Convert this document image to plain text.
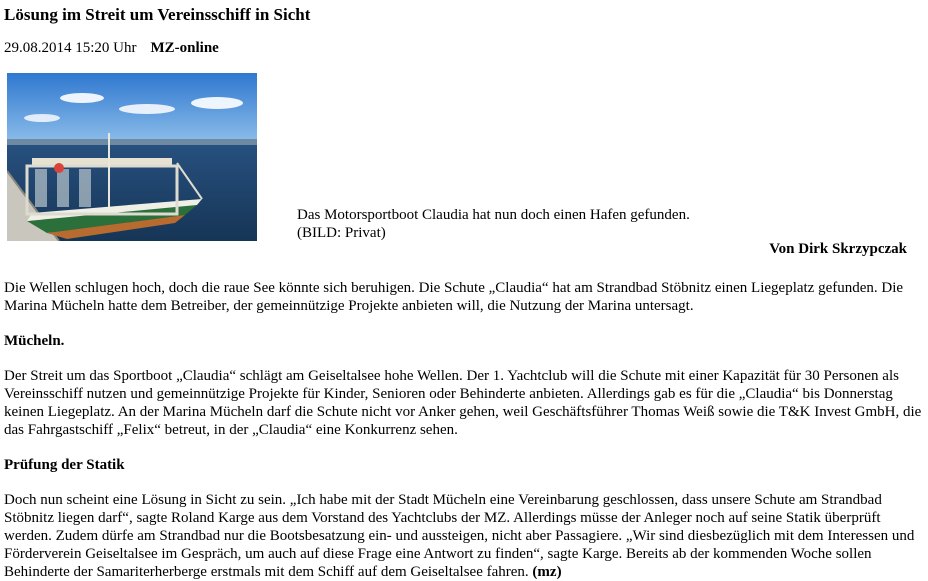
Lösung im Streit um Vereinsschiff in Sicht
29.08.2014 15:20 Uhr MZ-online
Das Motorsportboot Claudia hat nun doch einen Hafen gefunden.
(BILD: Privat)
Von Dirk Skrzypczak

Die Wellen schlugen hoch, doch die raue See könnte sich beruhigen. Die Schute „Claudia“ hat am Strandbad Stöbnitz einen Liegeplatz gefunden. Die Marina Mücheln hatte dem Betreiber, der gemeinnützige Projekte anbieten will, die Nutzung der Marina untersagt.

Mücheln.

Der Streit um das Sportboot „Claudia“ schlägt am Geiseltalsee hohe Wellen. Der 1. Yachtclub will die Schute mit einer Kapazität für 30 Personen als Vereinsschiff nutzen und gemeinnützige Projekte für Kinder, Senioren oder Behinderte anbieten. Allerdings gab es für die „Claudia“ bis Donnerstag keinen Liegeplatz. An der Marina Mücheln darf die Schute nicht vor Anker gehen, weil Geschäftsführer Thomas Weiß sowie die T&K Invest GmbH, die das Fahrgastschiff „Felix“ betreut, in der „Claudia“ eine Konkurrenz sehen.

Prüfung der Statik

Doch nun scheint eine Lösung in Sicht zu sein. „Ich habe mit der Stadt Mücheln eine Vereinbarung geschlossen, dass unsere Schute am Strandbad Stöbnitz liegen darf“, sagte Roland Karge aus dem Vorstand des Yachtclubs der MZ. Allerdings müsse der Anleger noch auf seine Statik überprüft werden. Zudem dürfe am Strandbad nur die Bootsbesatzung ein- und aussteigen, nicht aber Passagiere. „Wir sind diesbezüglich mit dem Interessen und Förderverein Geiseltalsee im Gespräch, um auch auf diese Frage eine Antwort zu finden“, sagte Karge. Bereits ab der kommenden Woche sollen Behinderte der Samariterherberge erstmals mit dem Schiff auf dem Geiseltalsee fahren. (mz)
